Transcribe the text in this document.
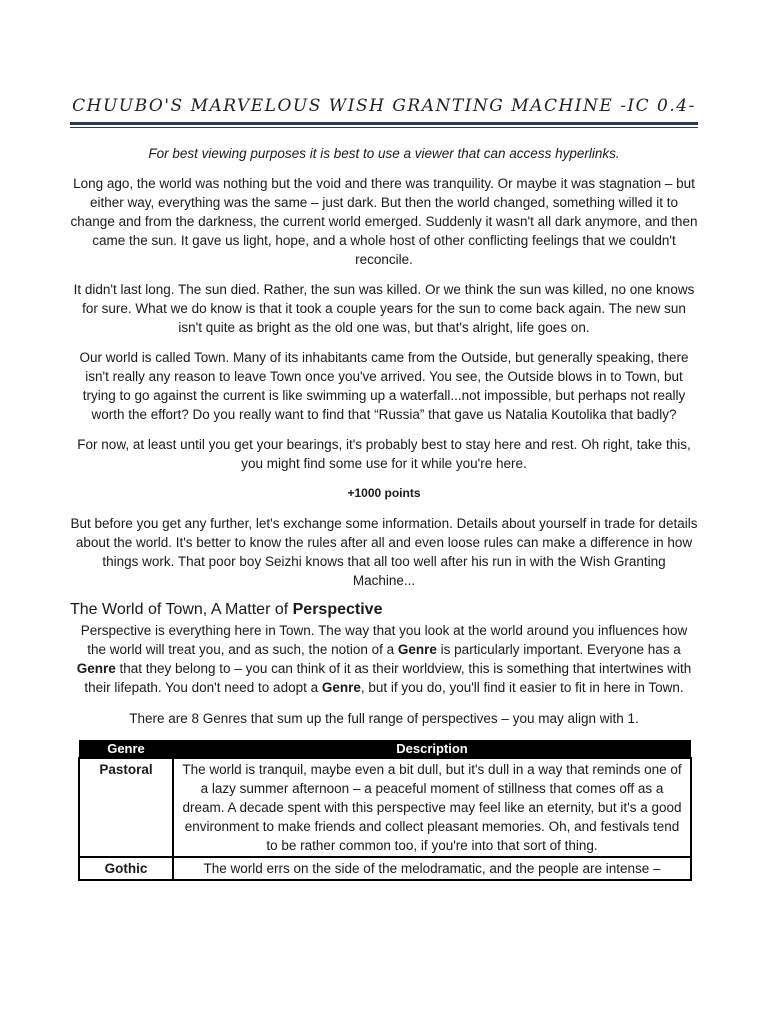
CHUUBO'S MARVELOUS WISH GRANTING MACHINE -IC 0.4-

For best viewing purposes it is best to use a viewer that can access hyperlinks.

Long ago, the world was nothing but the void and there was tranquility. Or maybe it was stagnation – but either way, everything was the same – just dark. But then the world changed, something willed it to change and from the darkness, the current world emerged. Suddenly it wasn't all dark anymore, and then came the sun. It gave us light, hope, and a whole host of other conflicting feelings that we couldn't reconcile.

It didn't last long. The sun died. Rather, the sun was killed. Or we think the sun was killed, no one knows for sure. What we do know is that it took a couple years for the sun to come back again. The new sun isn't quite as bright as the old one was, but that's alright, life goes on.

Our world is called Town. Many of its inhabitants came from the Outside, but generally speaking, there isn't really any reason to leave Town once you've arrived. You see, the Outside blows in to Town, but trying to go against the current is like swimming up a waterfall...not impossible, but perhaps not really worth the effort? Do you really want to find that “Russia” that gave us Natalia Koutolika that badly?

For now, at least until you get your bearings, it's probably best to stay here and rest. Oh right, take this, you might find some use for it while you're here.

+1000 points

But before you get any further, let's exchange some information. Details about yourself in trade for details about the world. It's better to know the rules after all and even loose rules can make a difference in how things work. That poor boy Seizhi knows that all too well after his run in with the Wish Granting Machine...

The World of Town, A Matter of Perspective

Perspective is everything here in Town. The way that you look at the world around you influences how the world will treat you, and as such, the notion of a Genre is particularly important. Everyone has a Genre that they belong to – you can think of it as their worldview, this is something that intertwines with their lifepath. You don't need to adopt a Genre, but if you do, you'll find it easier to fit in here in Town.

There are 8 Genres that sum up the full range of perspectives – you may align with 1.

Genre	Description
Pastoral	The world is tranquil, maybe even a bit dull, but it's dull in a way that reminds one of a lazy summer afternoon – a peaceful moment of stillness that comes off as a dream. A decade spent with this perspective may feel like an eternity, but it's a good environment to make friends and collect pleasant memories. Oh, and festivals tend to be rather common too, if you're into that sort of thing.
Gothic	The world errs on the side of the melodramatic, and the people are intense –
